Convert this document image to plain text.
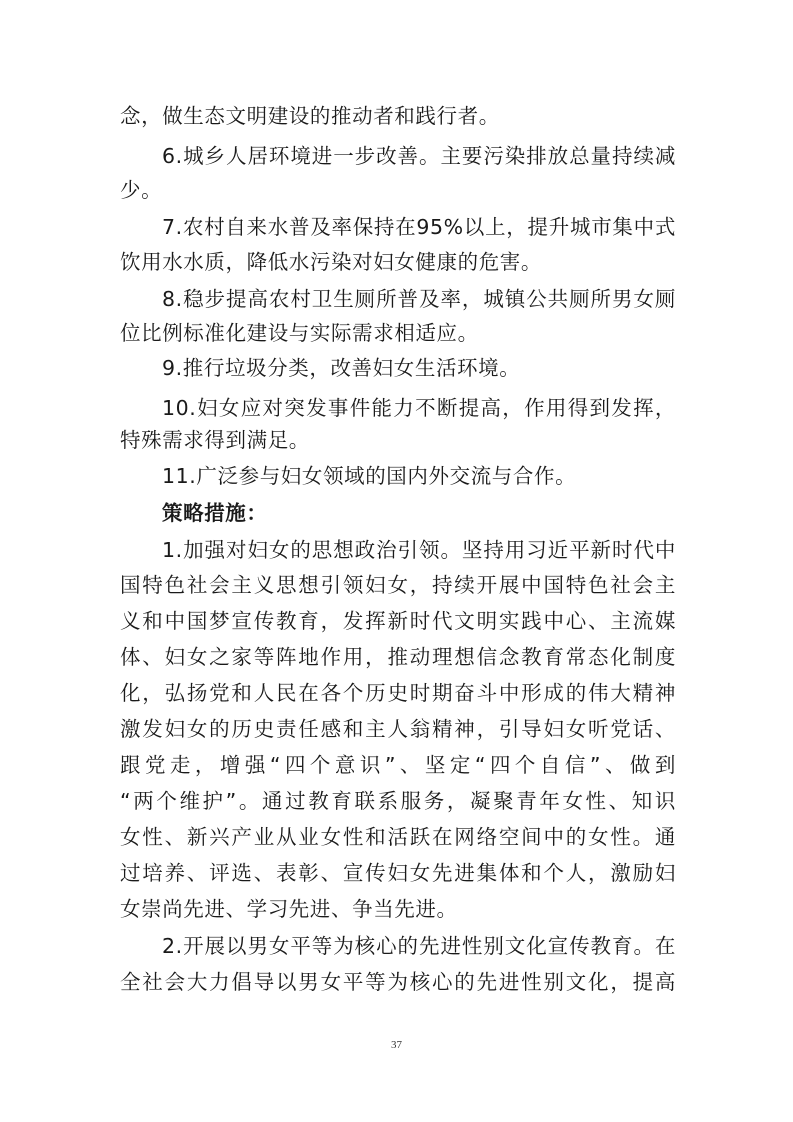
念，做生态文明建设的推动者和践行者。
6.城乡人居环境进一步改善。主要污染排放总量持续减
少。
7.农村自来水普及率保持在95%以上，提升城市集中式
饮用水水质，降低水污染对妇女健康的危害。
8.稳步提高农村卫生厕所普及率，城镇公共厕所男女厕
位比例标准化建设与实际需求相适应。
9.推行垃圾分类，改善妇女生活环境。
10.妇女应对突发事件能力不断提高，作用得到发挥，
特殊需求得到满足。
11.广泛参与妇女领域的国内外交流与合作。
策略措施：
1.加强对妇女的思想政治引领。坚持用习近平新时代中
国特色社会主义思想引领妇女，持续开展中国特色社会主
义和中国梦宣传教育，发挥新时代文明实践中心、主流媒
体、妇女之家等阵地作用，推动理想信念教育常态化制度
化，弘扬党和人民在各个历史时期奋斗中形成的伟大精神
激发妇女的历史责任感和主人翁精神，引导妇女听党话、
跟党走，增强“四个意识”、坚定“四个自信”、做到
“两个维护”。通过教育联系服务，凝聚青年女性、知识
女性、新兴产业从业女性和活跃在网络空间中的女性。通
过培养、评选、表彰、宣传妇女先进集体和个人，激励妇
女崇尚先进、学习先进、争当先进。
2.开展以男女平等为核心的先进性别文化宣传教育。在
全社会大力倡导以男女平等为核心的先进性别文化，提高
37
